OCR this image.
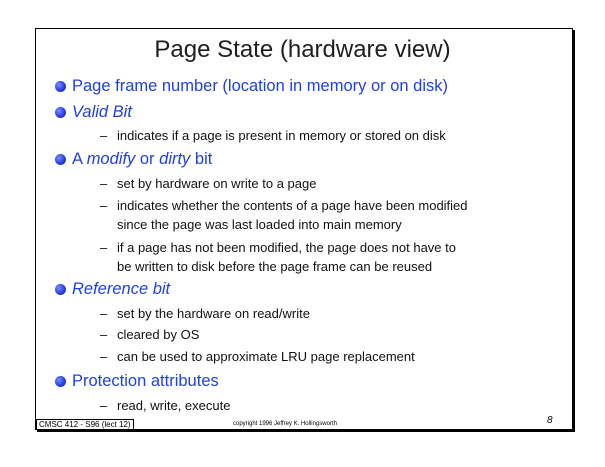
Page State (hardware view)
Page frame number (location in memory or on disk)
Valid Bit
– indicates if a page is present in memory or stored on disk
A modify or dirty bit
– set by hardware on write to a page
– indicates whether the contents of a page have been modified
since the page was last loaded into main memory
– if a page has not been modified, the page does not have to
be written to disk before the page frame can be reused
Reference bit
– set by the hardware on read/write
– cleared by OS
– can be used to approximate LRU page replacement
Protection attributes
– read, write, execute
CMSC 412 - S96 (lect 12)	copyright 1996 Jeffrey K. Hollingsworth	8
